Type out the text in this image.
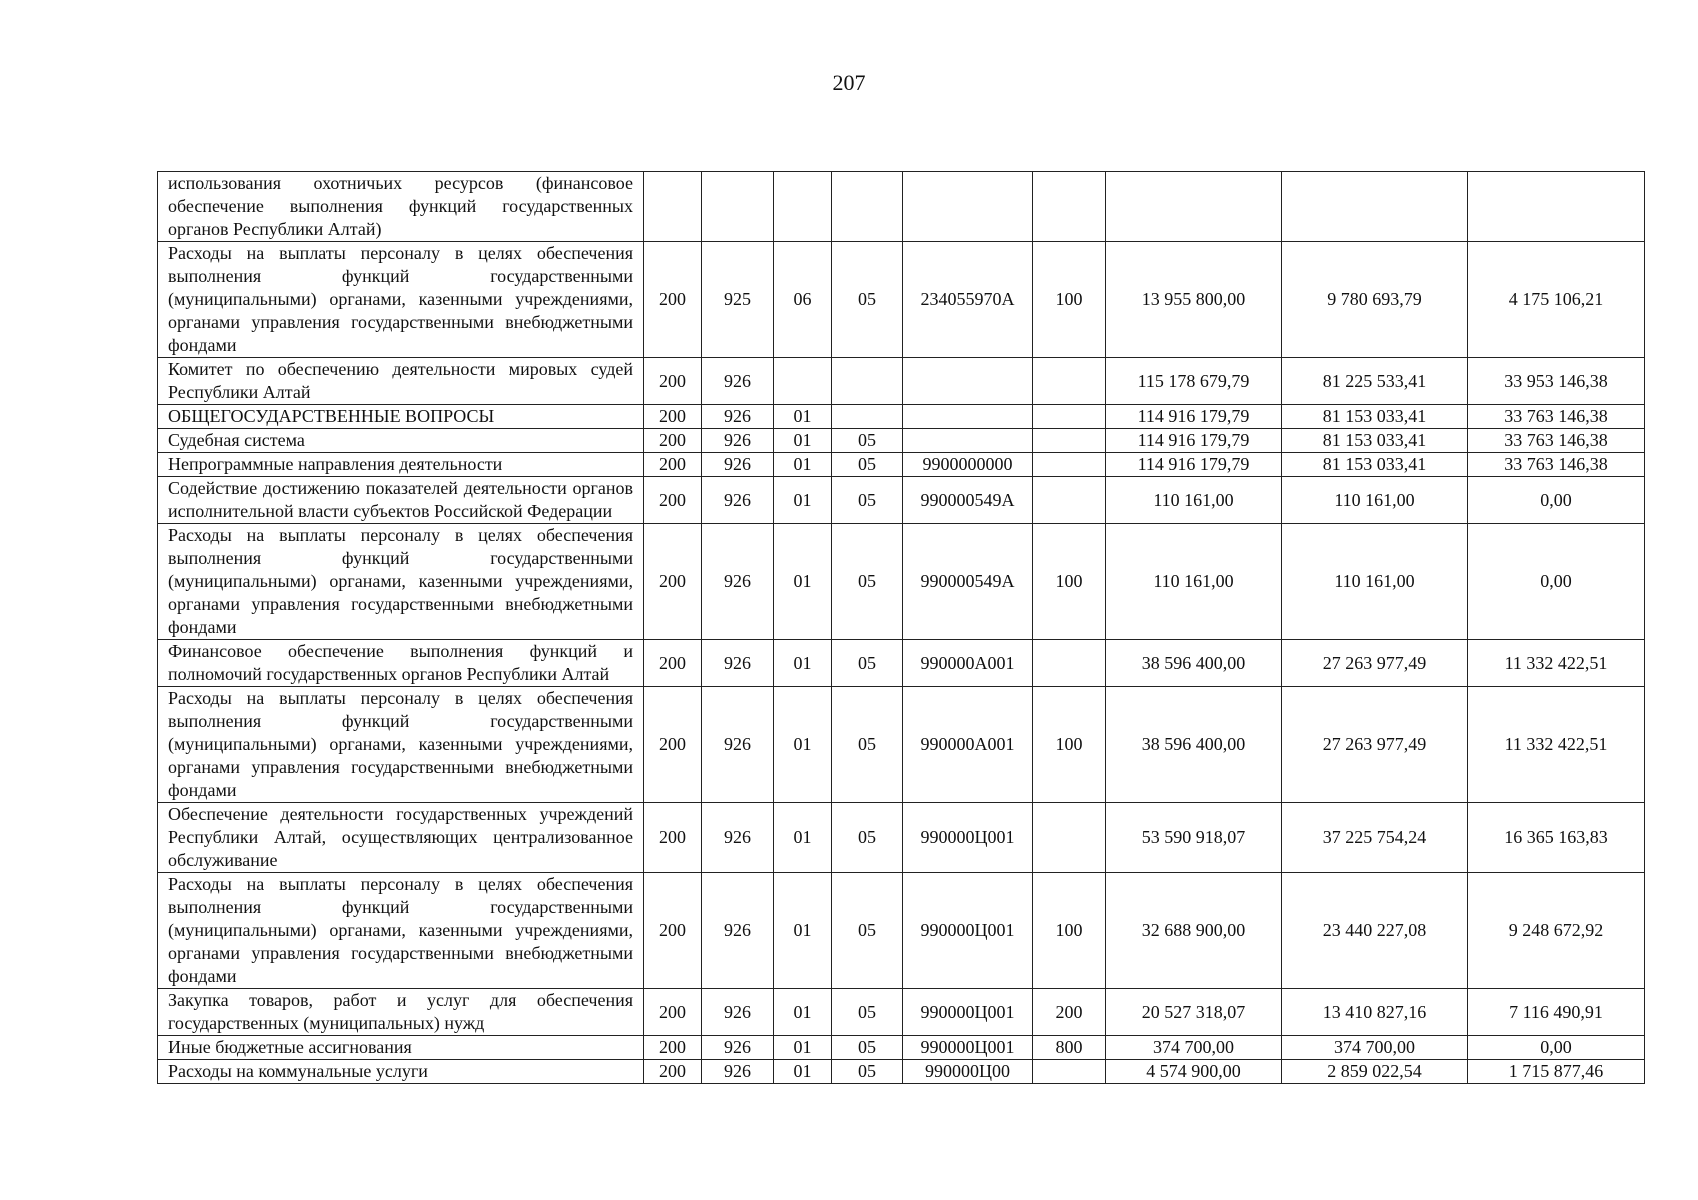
207
использования охотничьих ресурсов (финансовое обеспечение выполнения функций государственных органов Республики Алтай)									
Расходы на выплаты персоналу в целях обеспечения выполнения функций государственными (муниципальными) органами, казенными учреждениями, органами управления государственными внебюджетными фондами	200	925	06	05	234055970А	100	13 955 800,00	9 780 693,79	4 175 106,21
Комитет по обеспечению деятельности мировых судей Республики Алтай	200	926					115 178 679,79	81 225 533,41	33 953 146,38
ОБЩЕГОСУДАРСТВЕННЫЕ ВОПРОСЫ	200	926	01				114 916 179,79	81 153 033,41	33 763 146,38
Судебная система	200	926	01	05			114 916 179,79	81 153 033,41	33 763 146,38
Непрограммные направления деятельности	200	926	01	05	9900000000		114 916 179,79	81 153 033,41	33 763 146,38
Содействие достижению показателей деятельности органов исполнительной власти субъектов Российской Федерации	200	926	01	05	990000549А		110 161,00	110 161,00	0,00
Расходы на выплаты персоналу в целях обеспечения выполнения функций государственными (муниципальными) органами, казенными учреждениями, органами управления государственными внебюджетными фондами	200	926	01	05	990000549А	100	110 161,00	110 161,00	0,00
Финансовое обеспечение выполнения функций и полномочий государственных органов Республики Алтай	200	926	01	05	990000А001		38 596 400,00	27 263 977,49	11 332 422,51
Расходы на выплаты персоналу в целях обеспечения выполнения функций государственными (муниципальными) органами, казенными учреждениями, органами управления государственными внебюджетными фондами	200	926	01	05	990000А001	100	38 596 400,00	27 263 977,49	11 332 422,51
Обеспечение деятельности государственных учреждений Республики Алтай, осуществляющих централизованное обслуживание	200	926	01	05	990000Ц001		53 590 918,07	37 225 754,24	16 365 163,83
Расходы на выплаты персоналу в целях обеспечения выполнения функций государственными (муниципальными) органами, казенными учреждениями, органами управления государственными внебюджетными фондами	200	926	01	05	990000Ц001	100	32 688 900,00	23 440 227,08	9 248 672,92
Закупка товаров, работ и услуг для обеспечения государственных (муниципальных) нужд	200	926	01	05	990000Ц001	200	20 527 318,07	13 410 827,16	7 116 490,91
Иные бюджетные ассигнования	200	926	01	05	990000Ц001	800	374 700,00	374 700,00	0,00
Расходы на коммунальные услуги	200	926	01	05	990000Ц00		4 574 900,00	2 859 022,54	1 715 877,46
